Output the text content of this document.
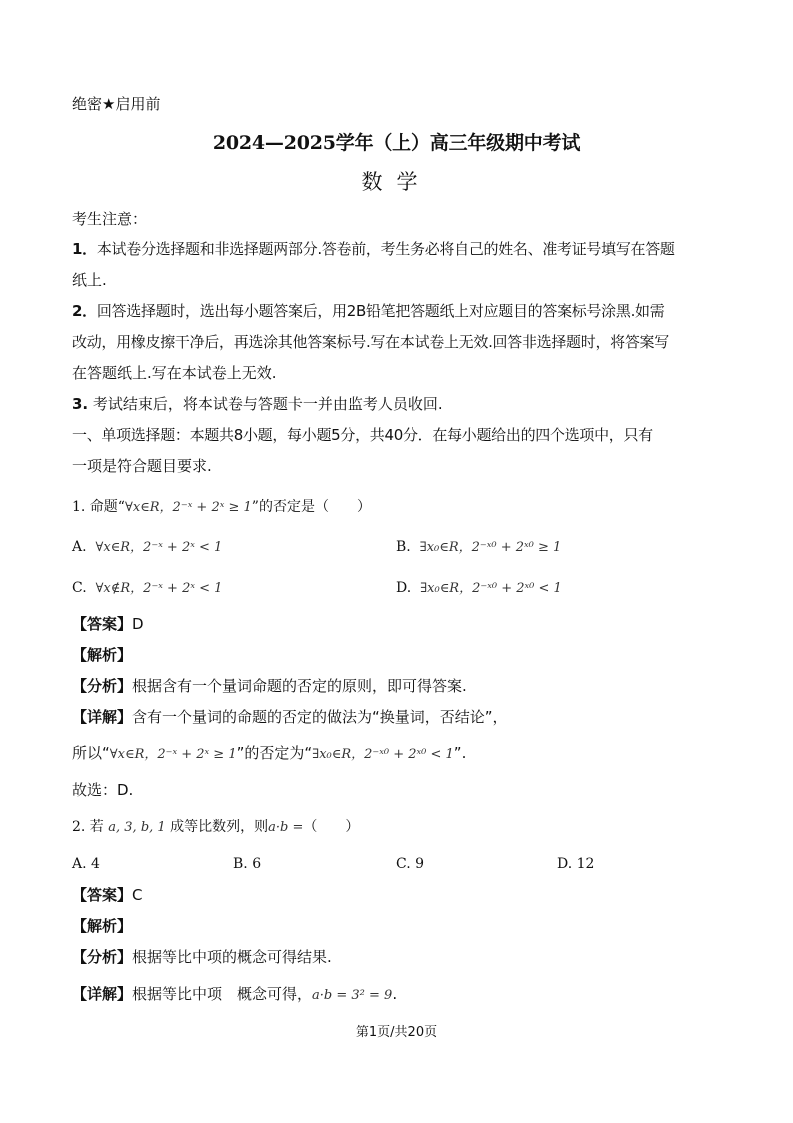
绝密★启用前
2024—2025学年（上）高三年级期中考试
数学
考生注意：
1．本试卷分选择题和非选择题两部分.答卷前，考生务必将自己的姓名、准考证号填写在答题
纸上.
2．回答选择题时，选出每小题答案后，用2B铅笔把答题纸上对应题目的答案标号涂黑.如需
改动，用橡皮擦干净后，再选涂其他答案标号.写在本试卷上无效.回答非选择题时，将答案写
在答题纸上.写在本试卷上无效.
3. 考试结束后，将本试卷与答题卡一并由监考人员收回.
一、单项选择题：本题共8小题，每小题5分，共40分．在每小题给出的四个选项中，只有
一项是符合题目要求.
1. 命题“∀x∈R，2⁻ˣ + 2ˣ ≥ 1”的否定是（　　）
A. ∀x∈R，2⁻ˣ + 2ˣ < 1	B. ∃x₀∈R，2⁻ˣ⁰ + 2ˣ⁰ ≥ 1
C. ∀x∉R，2⁻ˣ + 2ˣ < 1	D. ∃x₀∈R，2⁻ˣ⁰ + 2ˣ⁰ < 1
【答案】D
【解析】
【分析】根据含有一个量词命题的否定的原则，即可得答案.
【详解】含有一个量词的命题的否定的做法为“换量词，否结论”，
所以“∀x∈R，2⁻ˣ + 2ˣ ≥ 1”的否定为“∃x₀∈R，2⁻ˣ⁰ + 2ˣ⁰ < 1”.
故选：D.
2. 若 a, 3, b, 1 成等比数列，则a·b =（　　）
A. 4	B. 6	C. 9	D. 12
【答案】C
【解析】
【分析】根据等比中项的概念可得结果.
【详解】根据等比中项　概念可得，a·b = 3² = 9.
第1页/共20页
